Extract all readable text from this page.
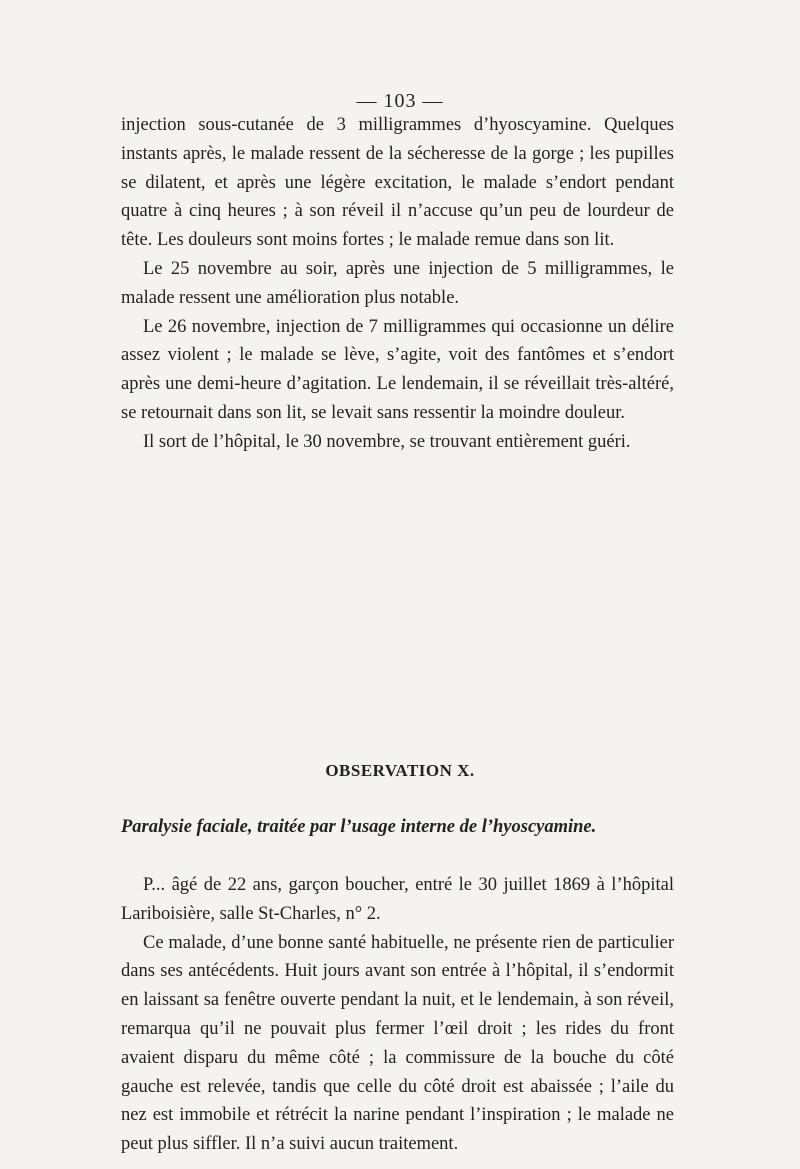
— 103 —

injection sous-cutanée de 3 milligrammes d’hyoscyamine. Quelques instants après, le malade ressent de la sécheresse de la gorge ; les pupilles se dilatent, et après une légère excitation, le malade s’endort pendant quatre à cinq heures ; à son réveil il n’accuse qu’un peu de lourdeur de tête. Les douleurs sont moins fortes ; le malade remue dans son lit.

Le 25 novembre au soir, après une injection de 5 milligrammes, le malade ressent une amélioration plus notable.

Le 26 novembre, injection de 7 milligrammes qui occasionne un délire assez violent ; le malade se lève, s’agite, voit des fantômes et s’endort après une demi-heure d’agitation. Le lendemain, il se réveillait très-altéré, se retournait dans son lit, se levait sans ressentir la moindre douleur.

Il sort de l’hôpital, le 30 novembre, se trouvant entièrement guéri.

OBSERVATION X.
Paralysie faciale, traitée par l’usage interne de l’hyoscyamine.

P... âgé de 22 ans, garçon boucher, entré le 30 juillet 1869 à l’hôpital Lariboisière, salle St-Charles, n° 2.

Ce malade, d’une bonne santé habituelle, ne présente rien de particulier dans ses antécédents. Huit jours avant son entrée à l’hôpital, il s’endormit en laissant sa fenêtre ouverte pendant la nuit, et le lendemain, à son réveil, remarqua qu’il ne pouvait plus fermer l’œil droit ; les rides du front avaient disparu du même côté ; la commissure de la bouche du côté gauche est relevée, tandis que celle du côté droit est abaissée ; l’aile du nez est immobile et rétrécit la narine pendant l’inspiration ; le malade ne peut plus siffler. Il n’a suivi aucun traitement.
